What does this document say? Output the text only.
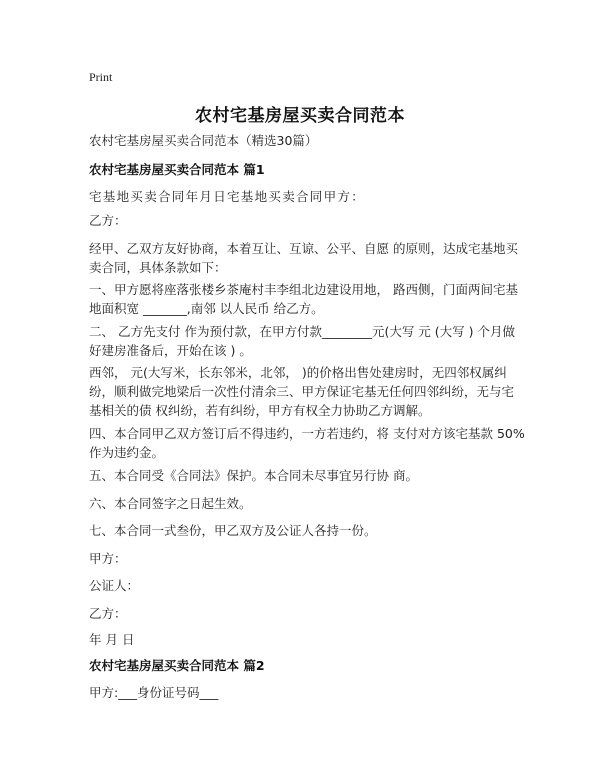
Print
农村宅基房屋买卖合同范本
农村宅基房屋买卖合同范本（精选30篇）
农村宅基房屋买卖合同范本 篇1
宅基地买卖合同年月日宅基地买卖合同甲方：
乙方：
经甲、乙双方友好协商，本着互让、互谅、公平、自愿 的原则，达成宅基地买卖合同，具体条款如下：
一、甲方愿将座落张楼乡茶庵村丰李组北边建设用地， 路西侧，门面两间宅基地面积宽 _______,南邻 以人民币 给乙方。
二、 乙方先支付 作为预付款，在甲方付款________元(大写 元 (大写 ) 个月做好建房准备后，开始在该 ) 。
西邻， 元(大写米，长东邻米，北邻， )的价格出售处建房时，无四邻权属纠纷，顺利做完地梁后一次性付清余三、甲方保证宅基无任何四邻纠纷，无与宅基相关的债 权纠纷，若有纠纷，甲方有权全力协助乙方调解。
四、本合同甲乙双方签订后不得违约，一方若违约，将 支付对方该宅基款 50%作为违约金。
五、本合同受《合同法》保护。本合同未尽事宜另行协 商。
六、本合同签字之日起生效。
七、本合同一式叁份，甲乙双方及公证人各持一份。
甲方：
公证人：
乙方：
年 月 日
农村宅基房屋买卖合同范本 篇2
甲方:___身份证号码___
